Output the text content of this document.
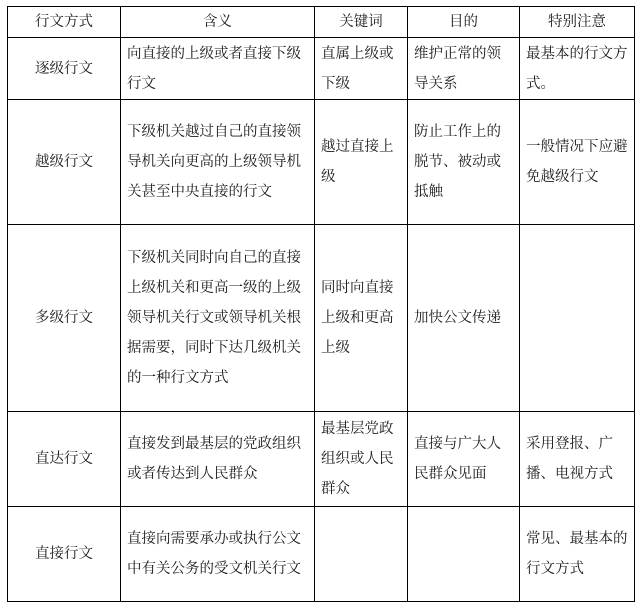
行文方式	含义	关键词	目的	特别注意
逐级行文	向直接的上级或者直接下级行文	直属上级或下级	维护正常的领导关系	最基本的行文方式。
越级行文	下级机关越过自己的直接领导机关向更高的上级领导机关甚至中央直接的行文	越过直接上级	防止工作上的脱节、被动或抵触	一般情况下应避免越级行文
多级行文	下级机关同时向自己的直接上级机关和更高一级的上级领导机关行文或领导机关根据需要，同时下达几级机关的一种行文方式	同时向直接上级和更高上级	加快公文传递	
直达行文	直接发到最基层的党政组织或者传达到人民群众	最基层党政组织或人民群众	直接与广大人民群众见面	采用登报、广播、电视方式
直接行文	直接向需要承办或执行公文中有关公务的受文机关行文			常见、最基本的行文方式
